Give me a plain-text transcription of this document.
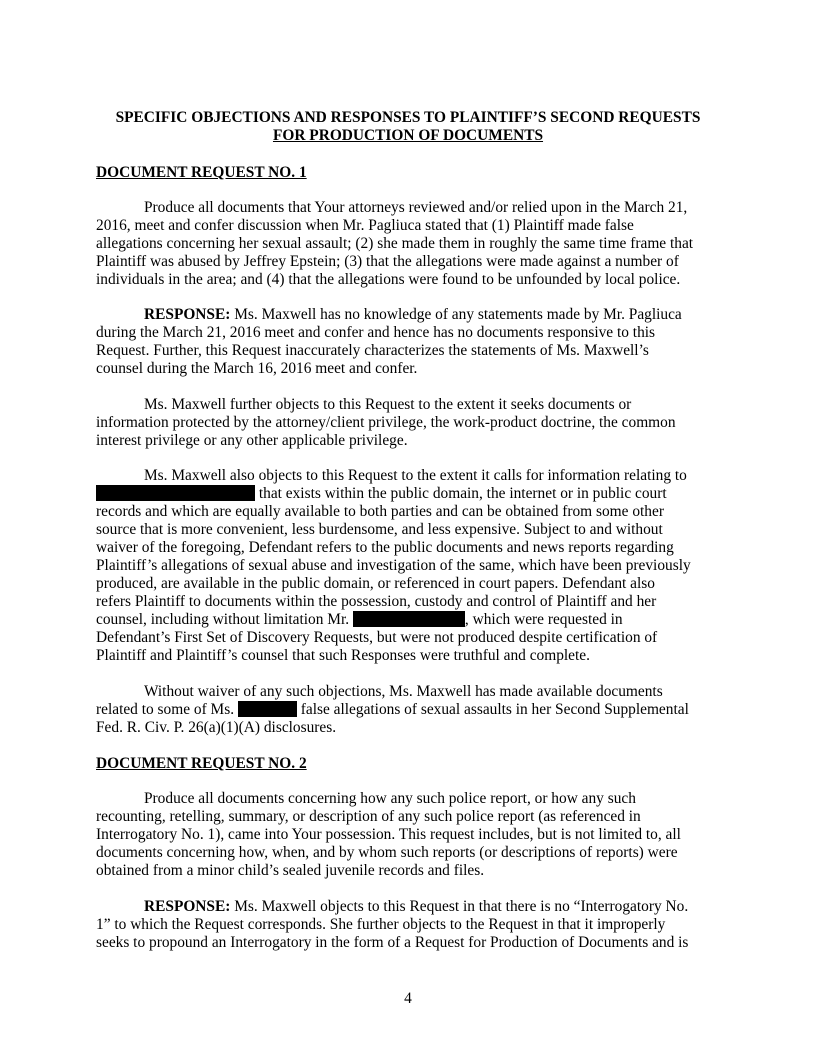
SPECIFIC OBJECTIONS AND RESPONSES TO PLAINTIFF’S SECOND REQUESTS
FOR PRODUCTION OF DOCUMENTS
DOCUMENT REQUEST NO. 1
Produce all documents that Your attorneys reviewed and/or relied upon in the March 21,
2016, meet and confer discussion when Mr. Pagliuca stated that (1) Plaintiff made false
allegations concerning her sexual assault; (2) she made them in roughly the same time frame that
Plaintiff was abused by Jeffrey Epstein; (3) that the allegations were made against a number of
individuals in the area; and (4) that the allegations were found to be unfounded by local police.
RESPONSE: Ms. Maxwell has no knowledge of any statements made by Mr. Pagliuca
during the March 21, 2016 meet and confer and hence has no documents responsive to this
Request. Further, this Request inaccurately characterizes the statements of Ms. Maxwell’s
counsel during the March 16, 2016 meet and confer.
Ms. Maxwell further objects to this Request to the extent it seeks documents or
information protected by the attorney/client privilege, the work-product doctrine, the common
interest privilege or any other applicable privilege.
Ms. Maxwell also objects to this Request to the extent it calls for information relating to
that exists within the public domain, the internet or in public court
records and which are equally available to both parties and can be obtained from some other
source that is more convenient, less burdensome, and less expensive. Subject to and without
waiver of the foregoing, Defendant refers to the public documents and news reports regarding
Plaintiff’s allegations of sexual abuse and investigation of the same, which have been previously
produced, are available in the public domain, or referenced in court papers. Defendant also
refers Plaintiff to documents within the possession, custody and control of Plaintiff and her
counsel, including without limitation Mr.	, which were requested in
Defendant’s First Set of Discovery Requests, but were not produced despite certification of
Plaintiff and Plaintiff’s counsel that such Responses were truthful and complete.
Without waiver of any such objections, Ms. Maxwell has made available documents
related to some of Ms.	false allegations of sexual assaults in her Second Supplemental
Fed. R. Civ. P. 26(a)(1)(A) disclosures.
DOCUMENT REQUEST NO. 2
Produce all documents concerning how any such police report, or how any such
recounting, retelling, summary, or description of any such police report (as referenced in
Interrogatory No. 1), came into Your possession. This request includes, but is not limited to, all
documents concerning how, when, and by whom such reports (or descriptions of reports) were
obtained from a minor child’s sealed juvenile records and files.
RESPONSE: Ms. Maxwell objects to this Request in that there is no “Interrogatory No.
1” to which the Request corresponds. She further objects to the Request in that it improperly
seeks to propound an Interrogatory in the form of a Request for Production of Documents and is
4
